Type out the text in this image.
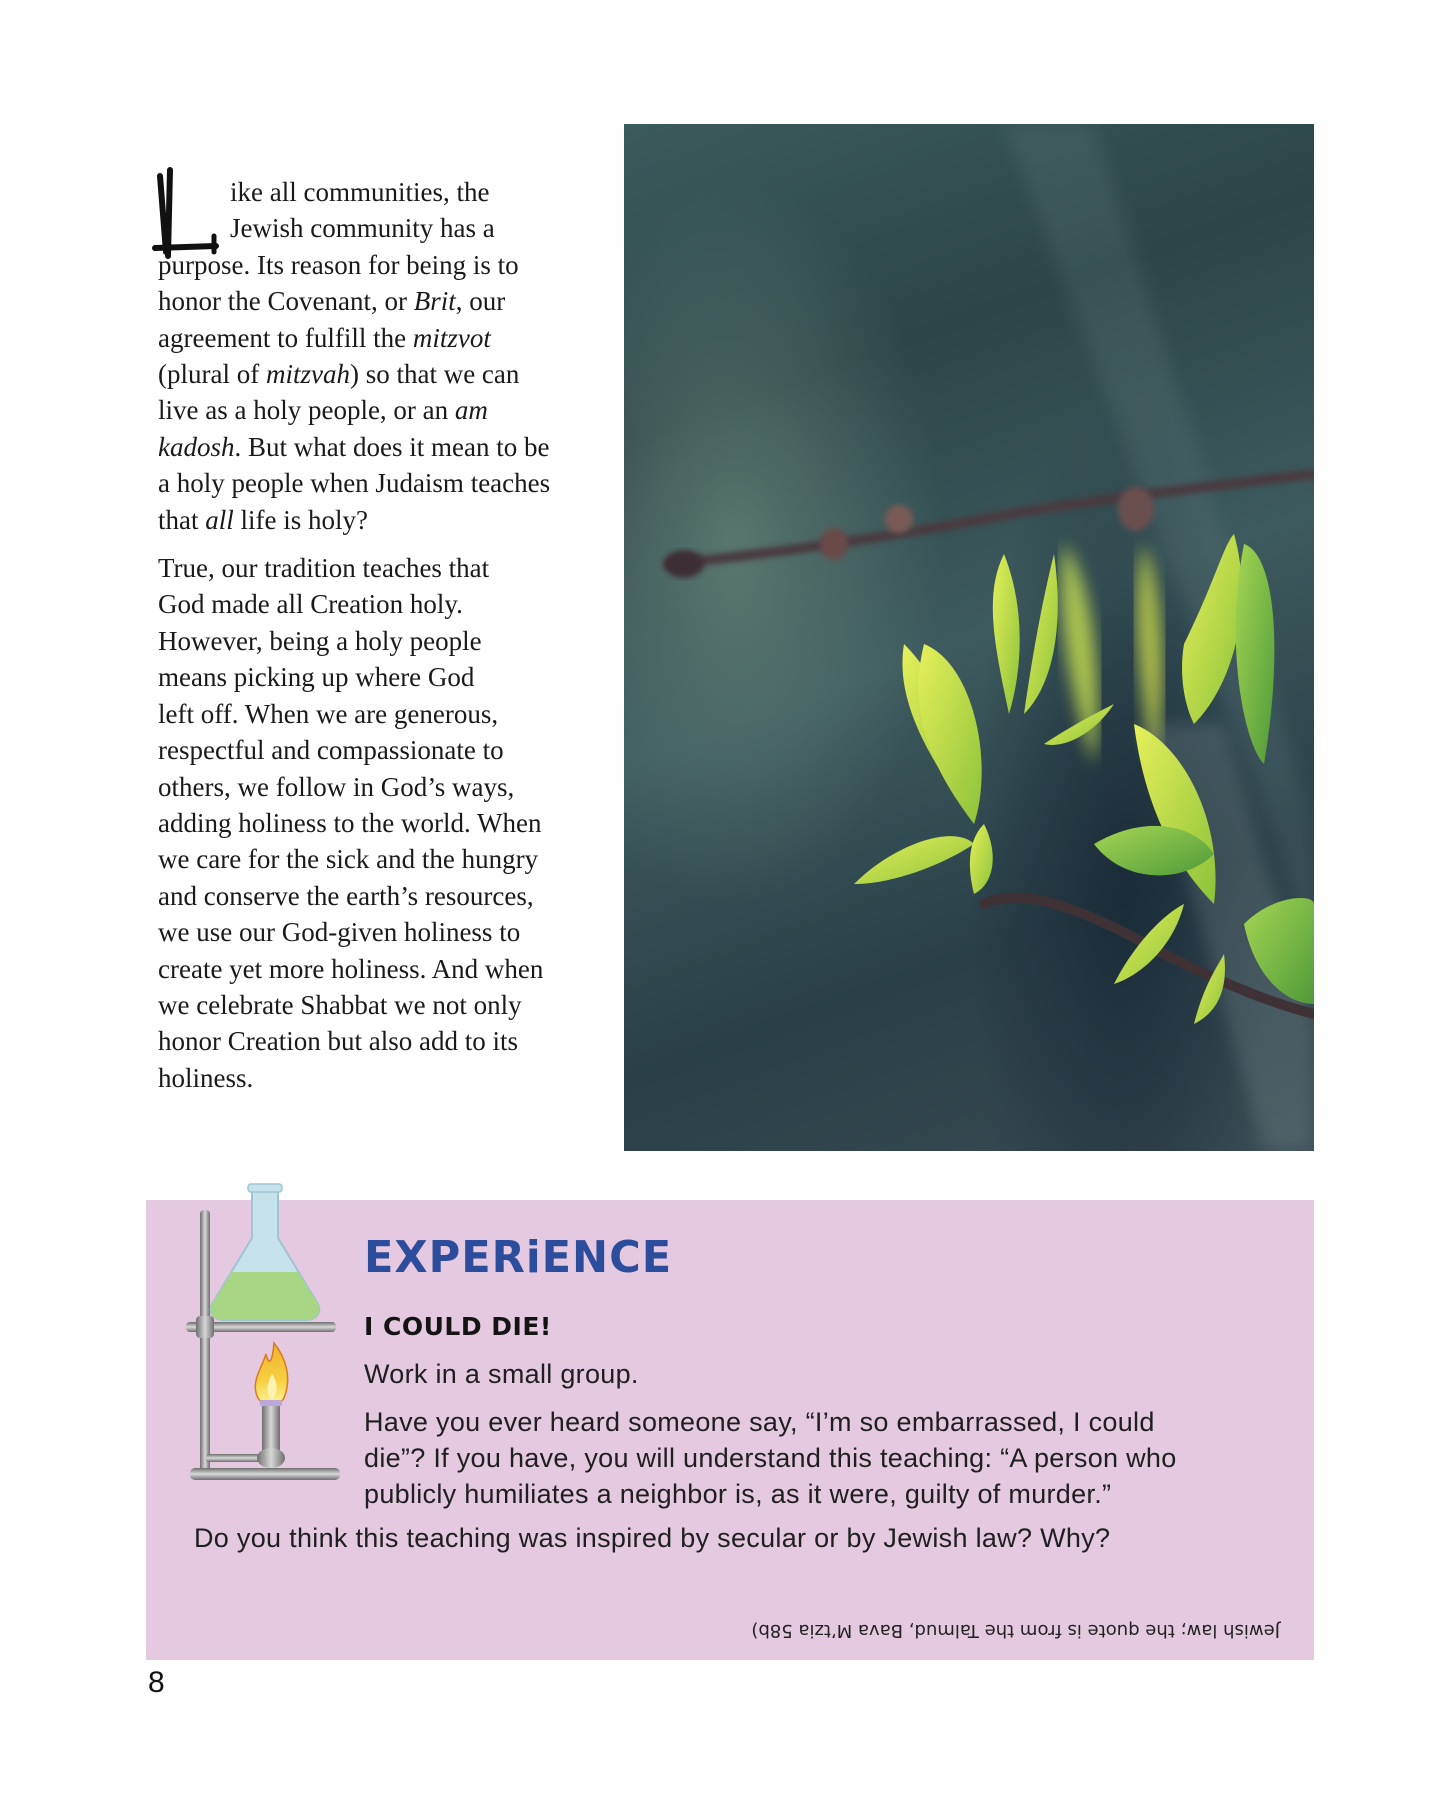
ike all communities, the
Jewish community has a
purpose. Its reason for being is to
honor the Covenant, or Brit, our
agreement to fulfill the mitzvot
(plural of mitzvah) so that we can
live as a holy people, or an am
kadosh. But what does it mean to be
a holy people when Judaism teaches
that all life is holy?

True, our tradition teaches that
God made all Creation holy.
However, being a holy people
means picking up where God
left off. When we are generous,
respectful and compassionate to
others, we follow in God’s ways,
adding holiness to the world. When
we care for the sick and the hungry
and conserve the earth’s resources,
we use our God-given holiness to
create yet more holiness. And when
we celebrate Shabbat we not only
honor Creation but also add to its
holiness.

EXPERiENCE
I COULD DIE!
Work in a small group.
Have you ever heard someone say, “I’m so embarrassed, I could
die”? If you have, you will understand this teaching: “A person who
publicly humiliates a neighbor is, as it were, guilty of murder.”
Do you think this teaching was inspired by secular or by Jewish law? Why?
Jewish law; the quote is from the Talmud, Bava M’tzia 58b)
8
